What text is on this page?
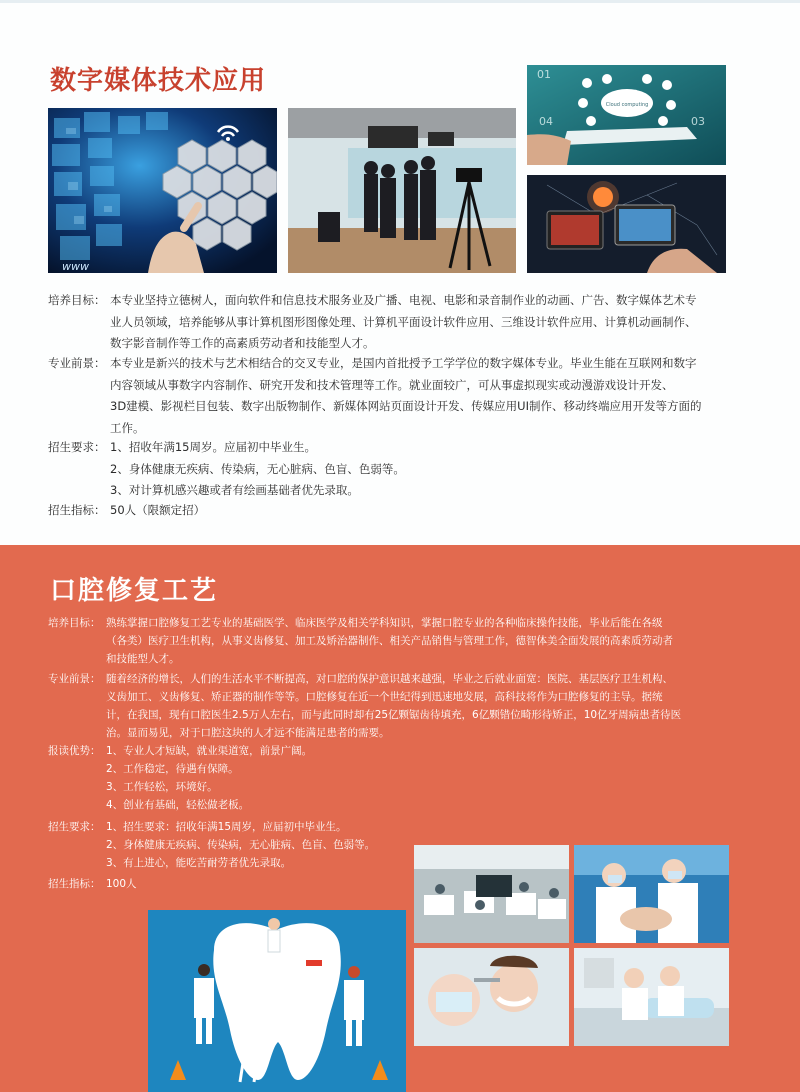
数字媒体技术应用
www
Cloud computing
01
04	03
培养目标： 本专业坚持立德树人，面向软件和信息技术服务业及广播、电视、电影和录音制作业的动画、广告、数字媒体艺术专
业人员领域，培养能够从事计算机图形图像处理、计算机平面设计软件应用、三维设计软件应用、计算机动画制作、
数字影音制作等工作的高素质劳动者和技能型人才。
专业前景： 本专业是新兴的技术与艺术相结合的交叉专业，是国内首批授予工学学位的数字媒体专业。毕业生能在互联网和数字
内容领域从事数字内容制作、研究开发和技术管理等工作。就业面较广，可从事虚拟现实或动漫游戏设计开发、
3D建模、影视栏目包装、数字出版物制作、新媒体网站页面设计开发、传媒应用UI制作、移动终端应用开发等方面的
工作。
招生要求： 1、招收年满15周岁。应届初中毕业生。
2、身体健康无疾病、传染病，无心脏病、色盲、色弱等。
3、对计算机感兴趣或者有绘画基础者优先录取。
招生指标： 50人（限额定招）
口腔修复工艺
培养目标： 熟练掌握口腔修复工艺专业的基础医学、临床医学及相关学科知识，掌握口腔专业的各种临床操作技能，毕业后能在各级
（各类）医疗卫生机构，从事义齿修复、加工及矫治器制作、相关产品销售与管理工作，德智体美全面发展的高素质劳动者
和技能型人才。
专业前景： 随着经济的增长，人们的生活水平不断提高，对口腔的保护意识越来越强，毕业之后就业面宽：医院、基层医疗卫生机构、
义齿加工、义齿修复、矫正器的制作等等。口腔修复在近一个世纪得到迅速地发展，高科技将作为口腔修复的主导。据统
计，在我国，现有口腔医生2.5万人左右，而与此同时却有25亿颗锯齿待填充，6亿颗错位畸形待矫正，10亿牙周病患者待医
治。显而易见，对于口腔这块的人才远不能满足患者的需要。
报读优势： 1、专业人才短缺，就业渠道宽，前景广阔。
2、工作稳定，待遇有保障。
3、工作轻松，环境好。
4、创业有基础，轻松做老板。
招生要求： 1、招生要求：招收年满15周岁，应届初中毕业生。
2、身体健康无疾病、传染病，无心脏病、色盲、色弱等。
3、有上进心，能吃苦耐劳者优先录取。
招生指标： 100人
